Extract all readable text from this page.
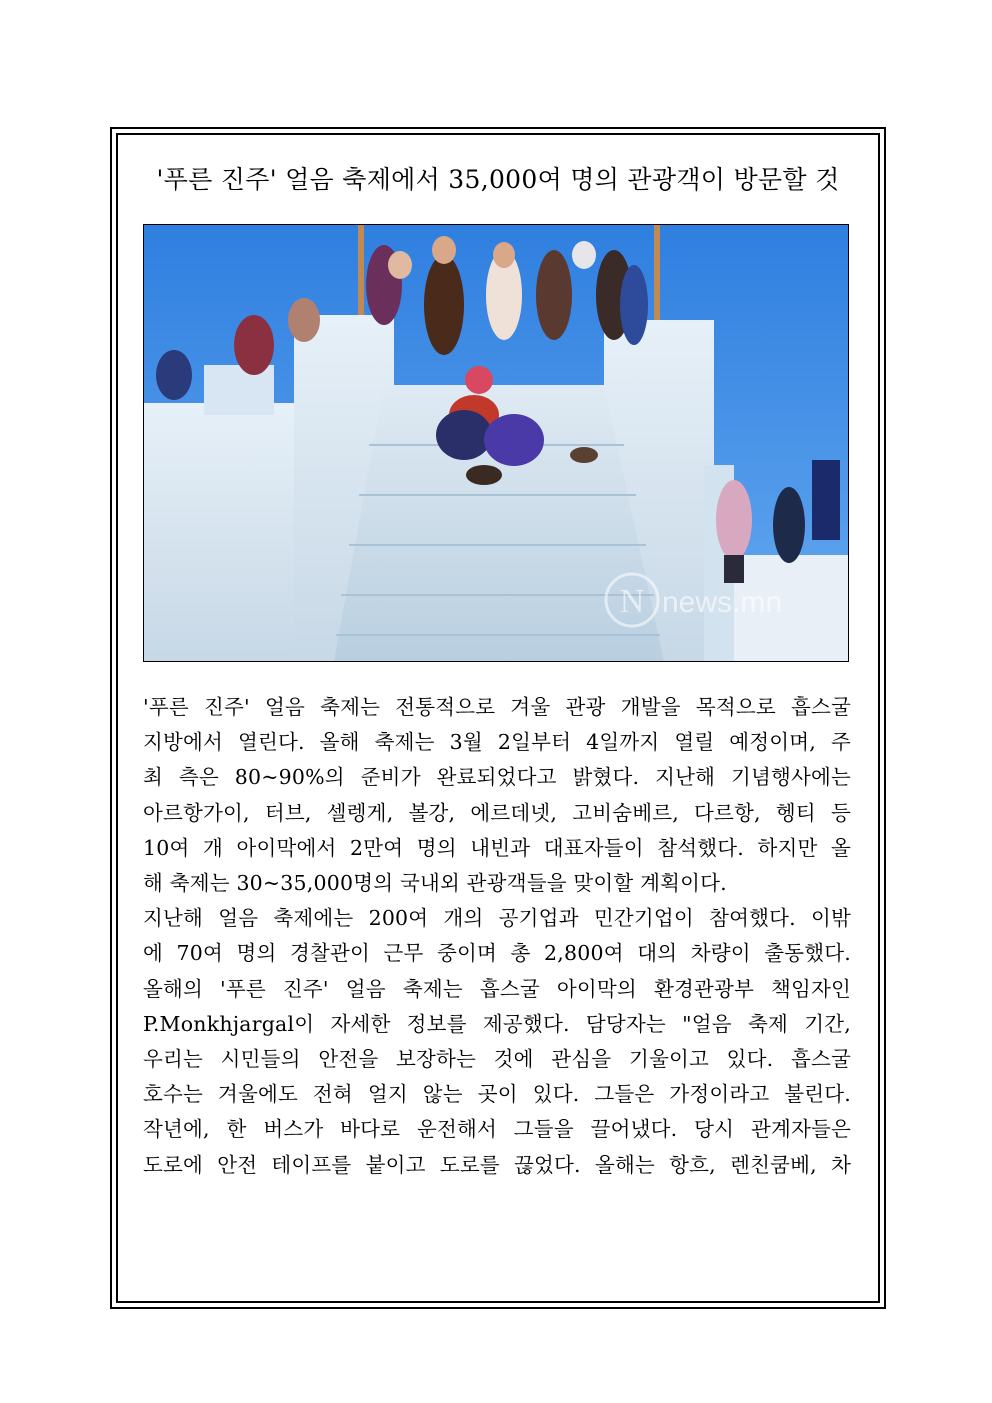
'푸른 진주' 얼음 축제에서 35,000여 명의 관광객이 방문할 것
N news.mn
'푸른 진주' 얼음 축제는 전통적으로 겨울 관광 개발을 목적으로 흡스굴
지방에서 열린다. 올해 축제는 3월 2일부터 4일까지 열릴 예정이며, 주
최 측은 80~90%의 준비가 완료되었다고 밝혔다. 지난해 기념행사에는
아르항가이, 터브, 셀렝게, 볼강, 에르데넷, 고비숨베르, 다르항, 헹티 등
10여 개 아이막에서 2만여 명의 내빈과 대표자들이 참석했다. 하지만 올
해 축제는 30~35,000명의 국내외 관광객들을 맞이할 계획이다.
지난해 얼음 축제에는 200여 개의 공기업과 민간기업이 참여했다. 이밖
에 70여 명의 경찰관이 근무 중이며 총 2,800여 대의 차량이 출동했다.
올해의 '푸른 진주' 얼음 축제는 흡스굴 아이막의 환경관광부 책임자인
P.Monkhjargal이 자세한 정보를 제공했다. 담당자는 "얼음 축제 기간,
우리는 시민들의 안전을 보장하는 것에 관심을 기울이고 있다. 흡스굴
호수는 겨울에도 전혀 얼지 않는 곳이 있다. 그들은 가정이라고 불린다.
작년에, 한 버스가 바다로 운전해서 그들을 끌어냈다. 당시 관계자들은
도로에 안전 테이프를 붙이고 도로를 끊었다. 올해는 항흐, 렌친쿰베, 차
